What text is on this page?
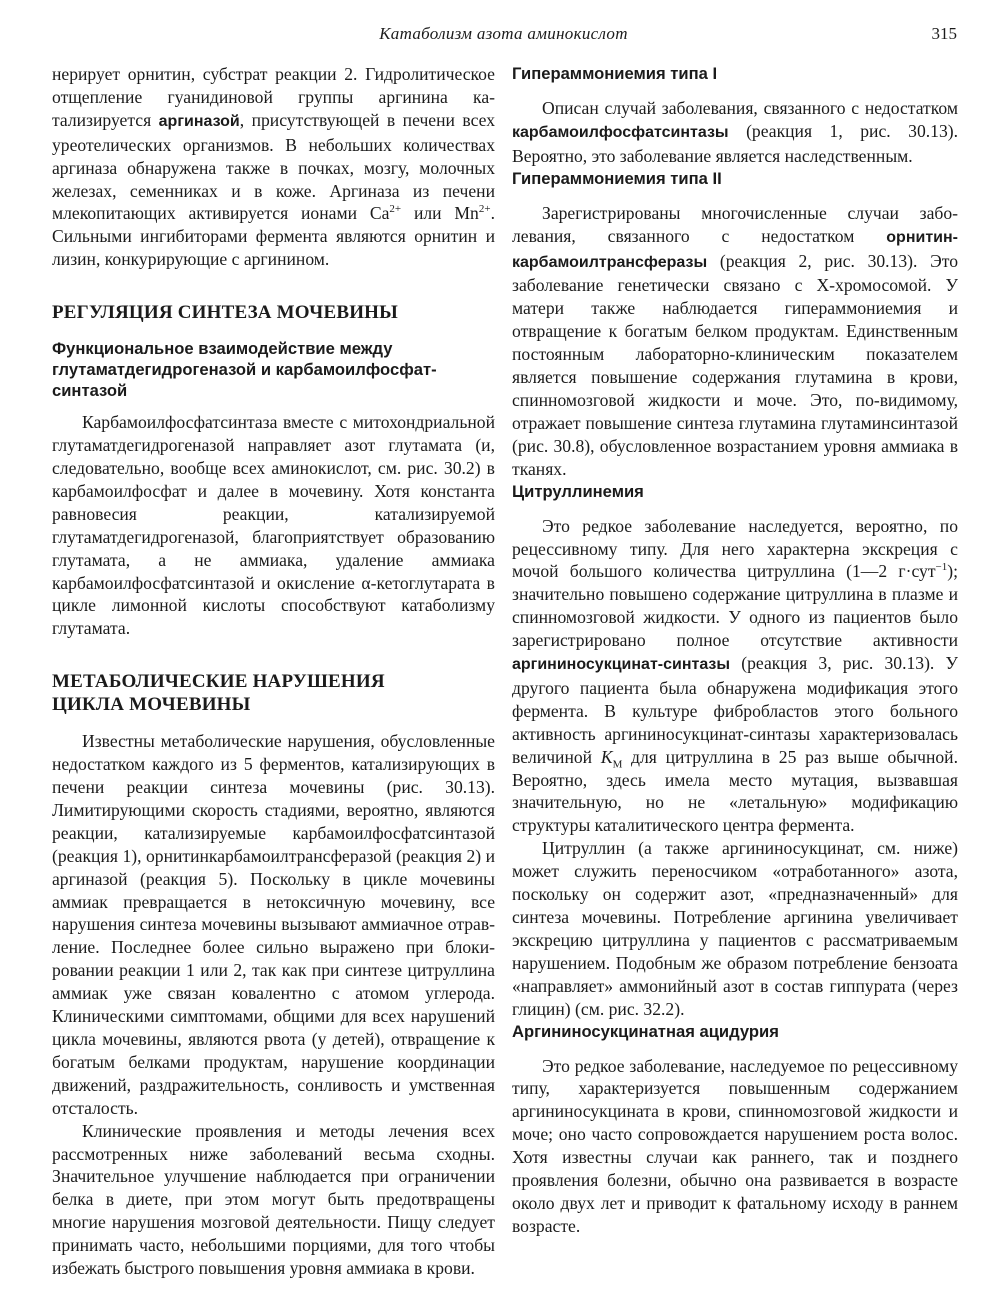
Катаболизм азота аминокислот	315

нерирует орнитин, субстрат реакции 2. Гидролитическое отщепление гуанидиновой группы аргинина катализируется аргиназой, присутствующей в печени всех уреотелических организмов. В небольших количествах аргиназа обнаружена также в почках, мозгу, молочных железах, семенниках и в коже. Аргиназа из печени млекопитающих активируется ионами $Ca^{2+}$ или $Mn^{2+}$. Сильными ингибиторами фермента являются орнитин и лизин, конкурирующие с аргинином.

РЕГУЛЯЦИЯ СИНТЕЗА МОЧЕВИНЫ
Функциональное взаимодействие между глутаматдегидрогеназой и карбамоилфосфатсинтазой

Карбамоилфосфатсинтаза вместе с митохондриальной глутаматдегидрогеназой направляет азот глутамата (и, следовательно, вообще всех аминокислот, см. рис. 30.2) в карбамоилфосфат и далее в мочевину. Хотя константа равновесия реакции, катализируемой глутаматдегидрогеназой, благоприятствует образованию глутамата, а не аммиака, удаление аммиака карбамоилфосфатсинтазой и окисление α-кетоглутарата в цикле лимонной кислоты способствуют катаболизму глутамата.

МЕТАБОЛИЧЕСКИЕ НАРУШЕНИЯ
ЦИКЛА МОЧЕВИНЫ

Известны метаболические нарушения, обусловленные недостатком каждого из 5 ферментов, катализирующих в печени реакции синтеза мочевины (рис. 30.13). Лимитирующими скорость стадиями, вероятно, являются реакции, катализируемые карбамоилфосфатсинтазой (реакция 1), орнитинкарбамоилтрансферазой (реакция 2) и аргиназой (реакция 5). Поскольку в цикле мочевины аммиак превращается в нетоксичную мочевину, все нарушения синтеза мочевины вызывают аммиачное отравление. Последнее более сильно выражено при блокировании реакции 1 или 2, так как при синтезе цитруллина аммиак уже связан ковалентно с атомом углерода. Клиническими симптомами, общими для всех нарушений цикла мочевины, являются рвота (у детей), отвращение к богатым белками продуктам, нарушение координации движений, раздражительность, сонливость и умственная отсталость.

Клинические проявления и методы лечения всех рассмотренных ниже заболеваний весьма сходны. Значительное улучшение наблюдается при ограничении белка в диете, при этом могут быть предотвращены многие нарушения мозговой деятельности. Пищу следует принимать часто, небольшими порциями, для того чтобы избежать быстрого повышения уровня аммиака в крови.

Гипераммониемия типа I

Описан случай заболевания, связанного с недостатком карбамоилфосфатсинтазы (реакция 1, рис. 30.13). Вероятно, это заболевание является наследственным.

Гипераммониемия типа II

Зарегистрированы многочисленные случаи заболевания, связанного с недостатком орнитинкарбамоилтрансферазы (реакция 2, рис. 30.13). Это заболевание генетически связано с X-хромосомой. У матери также наблюдается гипераммониемия и отвращение к богатым белком продуктам. Единственным постоянным лабораторно-клиническим показателем является повышение содержания глутамина в крови, спинномозговой жидкости и моче. Это, по-видимому, отражает повышение синтеза глутамина глутаминсинтазой (рис. 30.8), обусловленное возрастанием уровня аммиака в тканях.

Цитруллинемия

Это редкое заболевание наследуется, вероятно, по рецессивному типу. Для него характерна экскреция с мочой большого количества цитруллина (1—2 г·сут$^{-1}$); значительно повышено содержание цитруллина в плазме и спинномозговой жидкости. У одного из пациентов было зарегистрировано полное отсутствие активности аргининосукцинат-синтазы (реакция 3, рис. 30.13). У другого пациента была обнаружена модификация этого фермента. В культуре фибробластов этого больного активность аргининосукцинат-синтазы характеризовалась величиной $K_M$ для цитруллина в 25 раз выше обычной. Вероятно, здесь имела место мутация, вызвавшая значительную, но не «летальную» модификацию структуры каталитического центра фермента.

Цитруллин (а также аргининосукцинат, см. ниже) может служить переносчиком «отработанного» азота, поскольку он содержит азот, «предназначенный» для синтеза мочевины. Потребление аргинина увеличивает экскрецию цитруллина у пациентов с рассматриваемым нарушением. Подобным же образом потребление бензоата «направляет» аммонийный азот в состав гиппурата (через глицин) (см. рис. 32.2).

Аргининосукцинатная ацидурия

Это редкое заболевание, наследуемое по рецессивному типу, характеризуется повышенным содержанием аргининосукцината в крови, спинномозговой жидкости и моче; оно часто сопровождается нарушением роста волос. Хотя известны случаи как раннего, так и позднего проявления болезни, обычно она развивается в возрасте около двух лет и приводит к фатальному исходу в раннем возрасте.
